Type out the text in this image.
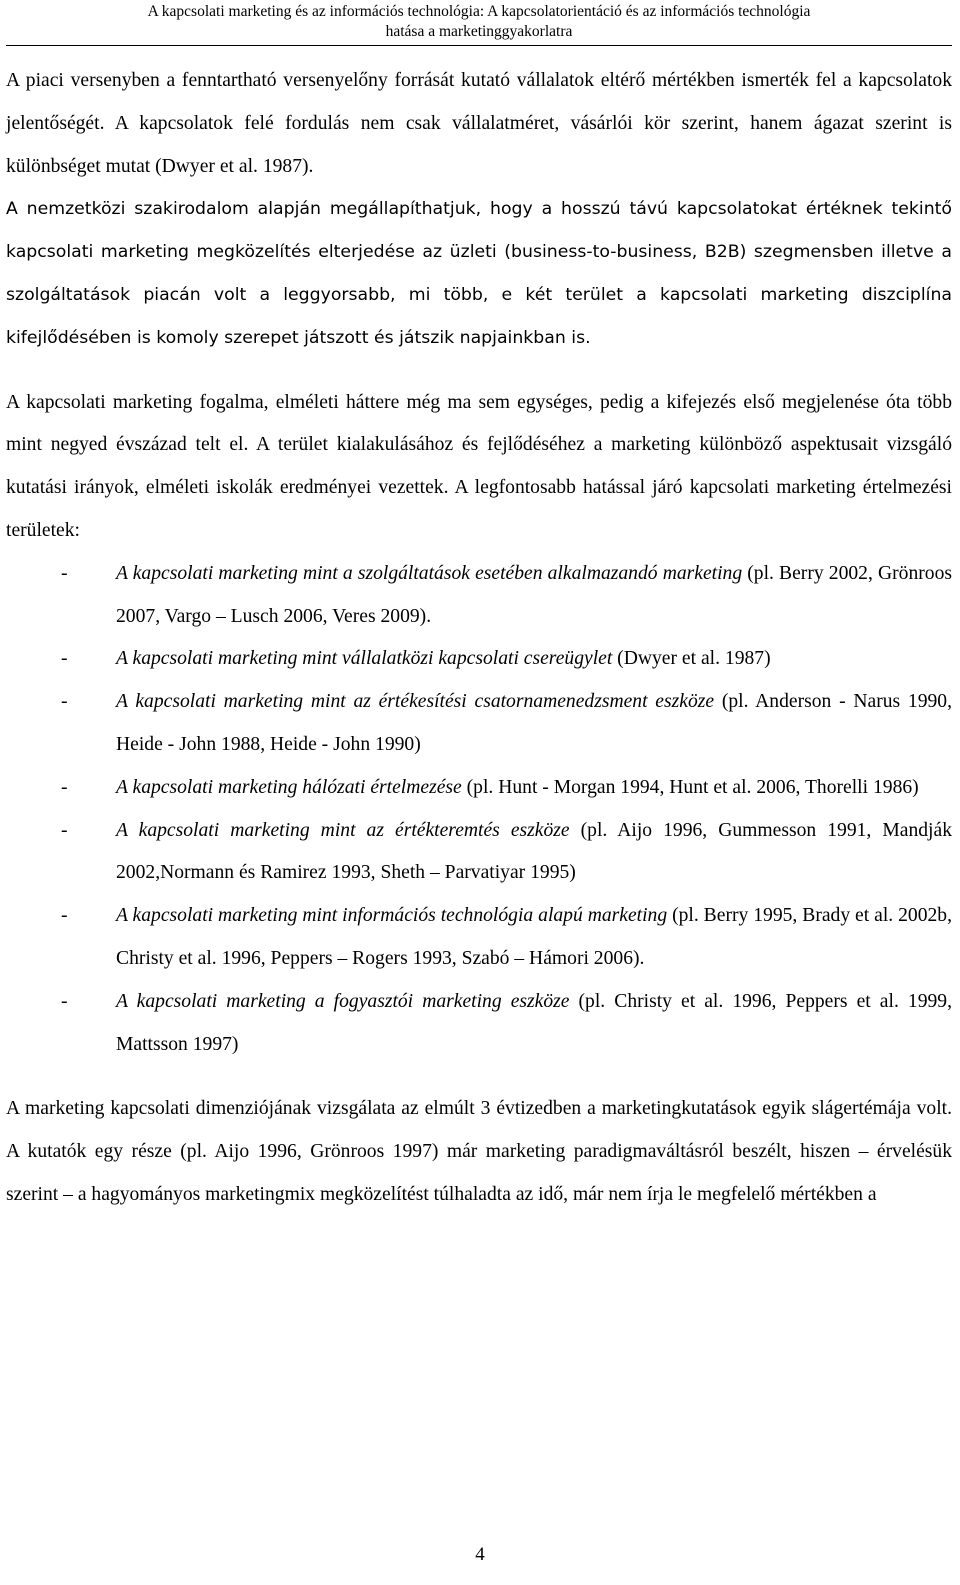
A kapcsolati marketing és az információs technológia: A kapcsolatorientáció és az információs technológia
hatása a marketinggyakorlatra

A piaci versenyben a fenntartható versenyelőny forrását kutató vállalatok eltérő mértékben ismerték fel a kapcsolatok jelentőségét. A kapcsolatok felé fordulás nem csak vállalatméret, vásárlói kör szerint, hanem ágazat szerint is különbséget mutat (Dwyer et al. 1987).

A nemzetközi szakirodalom alapján megállapíthatjuk, hogy a hosszú távú kapcsolatokat értéknek tekintő kapcsolati marketing megközelítés elterjedése az üzleti (business-to-business, B2B) szegmensben illetve a szolgáltatások piacán volt a leggyorsabb, mi több, e két terület a kapcsolati marketing diszciplína kifejlődésében is komoly szerepet játszott és játszik napjainkban is.

A kapcsolati marketing fogalma, elméleti háttere még ma sem egységes, pedig a kifejezés első megjelenése óta több mint negyed évszázad telt el. A terület kialakulásához és fejlődéséhez a marketing különböző aspektusait vizsgáló kutatási irányok, elméleti iskolák eredményei vezettek. A legfontosabb hatással járó kapcsolati marketing értelmezési területek:

- A kapcsolati marketing mint a szolgáltatások esetében alkalmazandó marketing (pl. Berry 2002, Grönroos 2007, Vargo – Lusch 2006, Veres 2009).
- A kapcsolati marketing mint vállalatközi kapcsolati csereügylet (Dwyer et al. 1987)
- A kapcsolati marketing mint az értékesítési csatornamenedzsment eszköze (pl. Anderson - Narus 1990, Heide - John 1988, Heide - John 1990)
- A kapcsolati marketing hálózati értelmezése (pl. Hunt - Morgan 1994, Hunt et al. 2006, Thorelli 1986)
- A kapcsolati marketing mint az értékteremtés eszköze (pl. Aijo 1996, Gummesson 1991, Mandják 2002,Normann és Ramirez 1993, Sheth – Parvatiyar 1995)
- A kapcsolati marketing mint információs technológia alapú marketing (pl. Berry 1995, Brady et al. 2002b, Christy et al. 1996, Peppers – Rogers 1993, Szabó – Hámori 2006).
- A kapcsolati marketing a fogyasztói marketing eszköze (pl. Christy et al. 1996, Peppers et al. 1999, Mattsson 1997)

A marketing kapcsolati dimenziójának vizsgálata az elmúlt 3 évtizedben a marketingkutatások egyik slágertémája volt. A kutatók egy része (pl. Aijo 1996, Grönroos 1997) már marketing paradigmaváltásról beszélt, hiszen – érvelésük szerint – a hagyományos marketingmix megközelítést túlhaladta az idő, már nem írja le megfelelő mértékben a

4
